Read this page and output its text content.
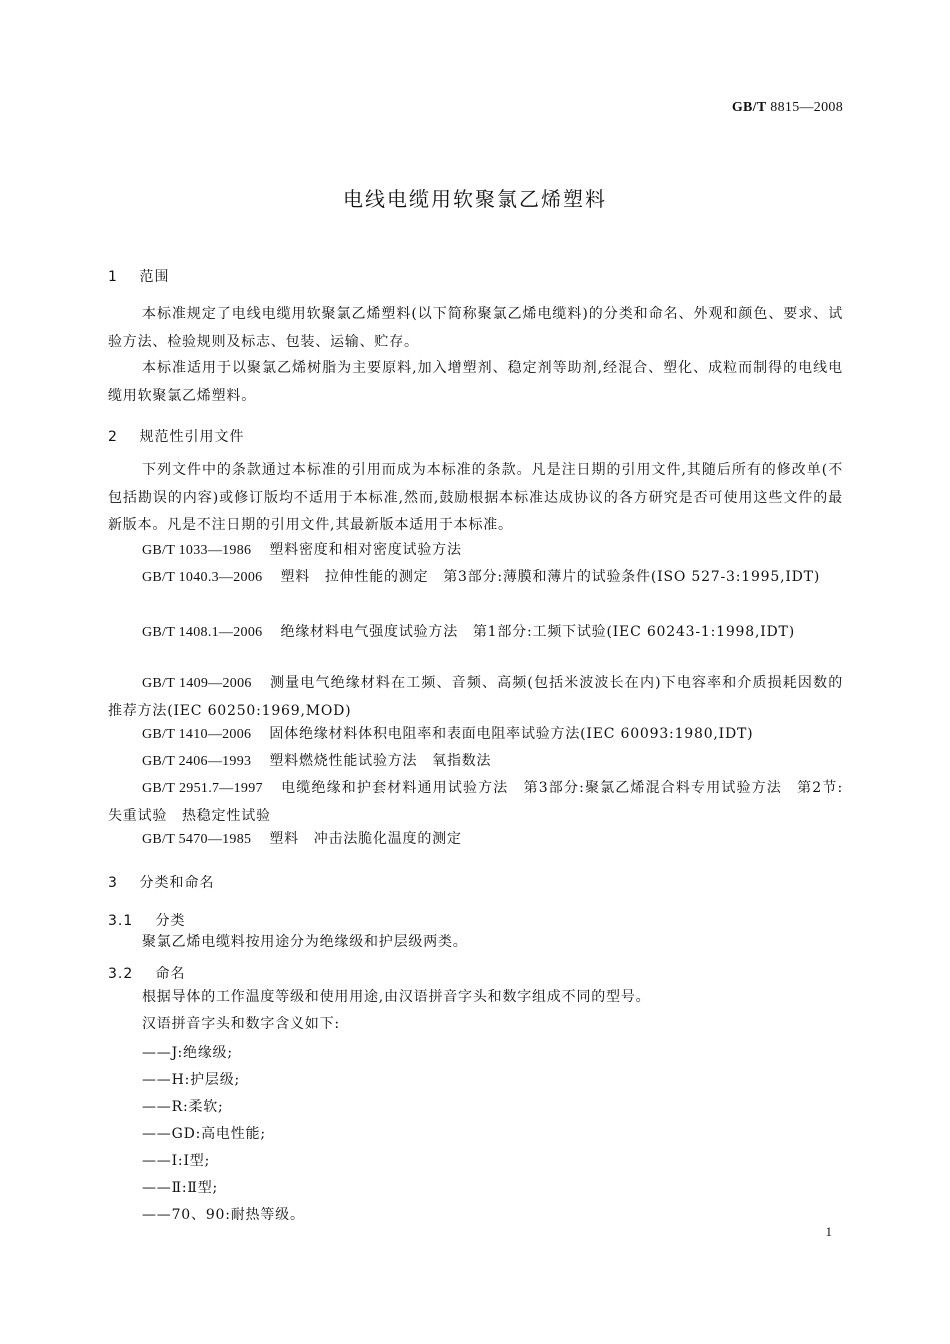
GB/T 8815—2008
电线电缆用软聚氯乙烯塑料
1 范围
本标准规定了电线电缆用软聚氯乙烯塑料(以下简称聚氯乙烯电缆料)的分类和命名、外观和颜色、要求、试验方法、检验规则及标志、包装、运输、贮存。
本标准适用于以聚氯乙烯树脂为主要原料,加入增塑剂、稳定剂等助剂,经混合、塑化、成粒而制得的电线电缆用软聚氯乙烯塑料。
2 规范性引用文件
下列文件中的条款通过本标准的引用而成为本标准的条款。凡是注日期的引用文件,其随后所有的修改单(不包括勘误的内容)或修订版均不适用于本标准,然而,鼓励根据本标准达成协议的各方研究是否可使用这些文件的最新版本。凡是不注日期的引用文件,其最新版本适用于本标准。
GB/T 1033—1986 塑料密度和相对密度试验方法
GB/T 1040.3—2006 塑料　拉伸性能的测定　第3部分:薄膜和薄片的试验条件(ISO 527-3:1995,IDT)
GB/T 1408.1—2006 绝缘材料电气强度试验方法　第1部分:工频下试验(IEC 60243-1:1998,IDT)
GB/T 1409—2006 测量电气绝缘材料在工频、音频、高频(包括米波波长在内)下电容率和介质损耗因数的推荐方法(IEC 60250:1969,MOD)
GB/T 1410—2006 固体绝缘材料体积电阻率和表面电阻率试验方法(IEC 60093:1980,IDT)
GB/T 2406—1993 塑料燃烧性能试验方法　氧指数法
GB/T 2951.7—1997 电缆绝缘和护套材料通用试验方法　第3部分:聚氯乙烯混合料专用试验方法　第2节:失重试验　热稳定性试验
GB/T 5470—1985 塑料　冲击法脆化温度的测定
3 分类和命名
3.1 分类
聚氯乙烯电缆料按用途分为绝缘级和护层级两类。
3.2 命名
根据导体的工作温度等级和使用用途,由汉语拼音字头和数字组成不同的型号。
汉语拼音字头和数字含义如下:
——J:绝缘级;
——H:护层级;
——R:柔软;
——GD:高电性能;
——Ⅰ:Ⅰ型;
——Ⅱ:Ⅱ型;
——70、90:耐热等级。
1
